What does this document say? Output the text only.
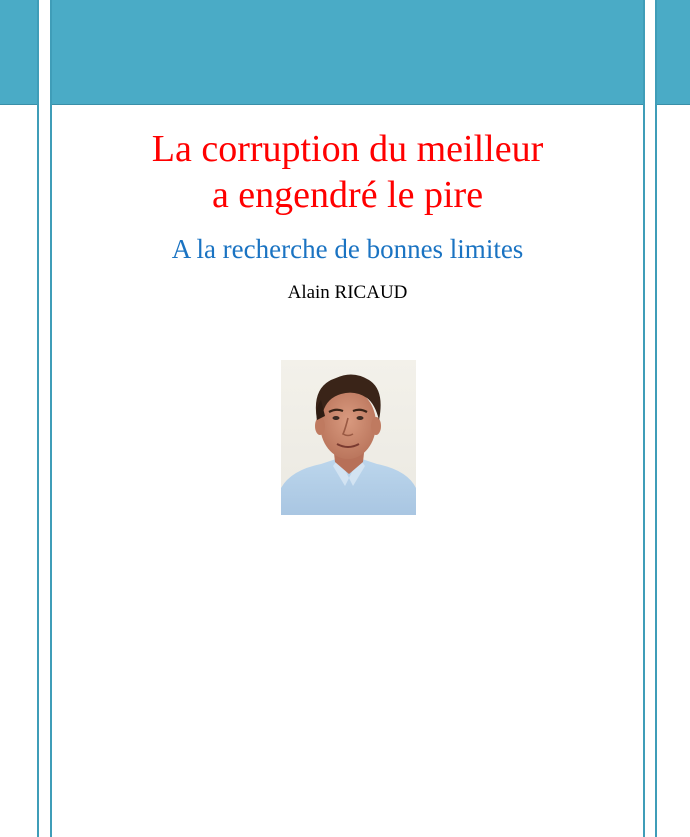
La corruption du meilleur
a engendré le pire
A la recherche de bonnes limites
Alain RICAUD
